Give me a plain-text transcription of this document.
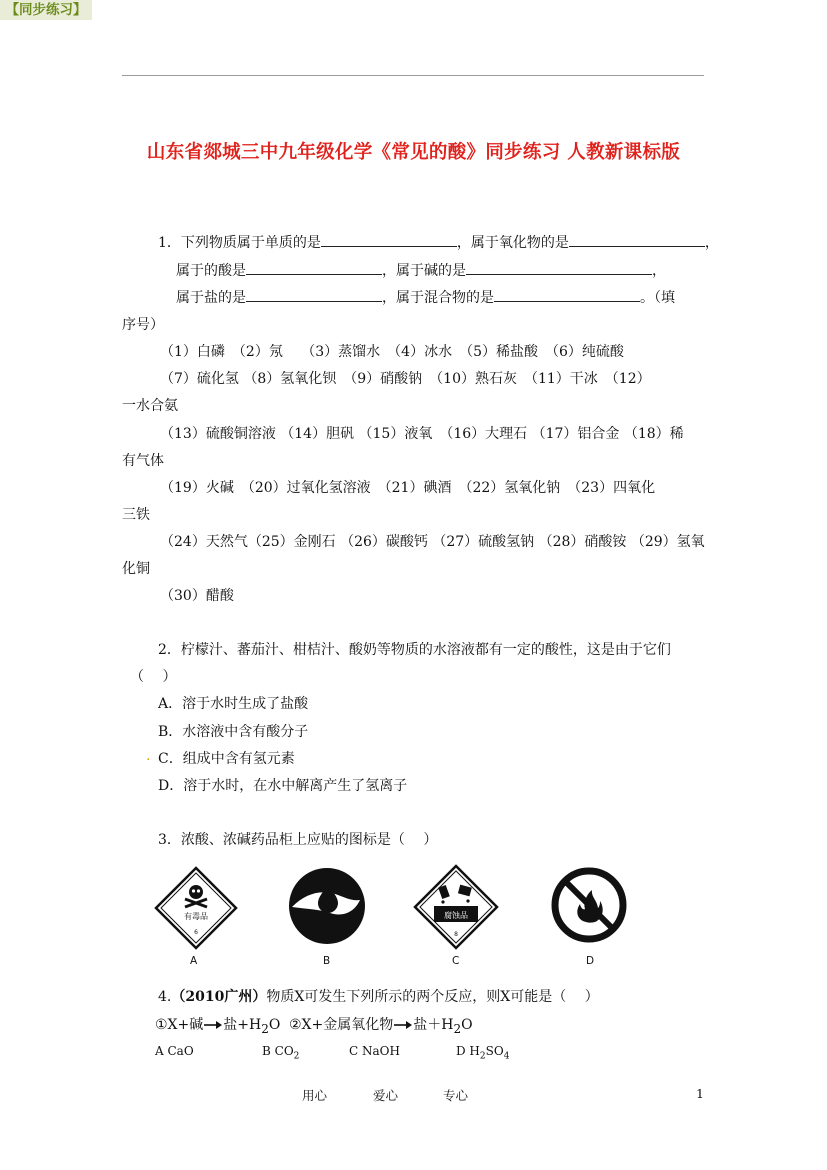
山东省郯城三中九年级化学《常见的酸》同步练习 人教新课标版
【同步练习】
1．下列物质属于单质的是	，属于氧化物的是	，
属于的酸是	，属于碱的是	，
属于盐的是	，属于混合物的是	。（填
序号）
（1）白磷　（2）氖　 （3）蒸馏水　（4）冰水　（5）稀盐酸　（6）纯硫酸
（7）硫化氢 （8）氢氧化钡　（9）硝酸钠　（10）熟石灰　（11）干冰　（12）
一水合氨
（13）硫酸铜溶液 （14）胆矾 （15）液氧　（16）大理石 （17）铝合金 （18）稀
有气体
（19）火碱　（20）过氧化氢溶液　（21）碘酒　（22）氢氧化钠　（23）四氧化
三铁
（24）天然气（25）金刚石 （26）碳酸钙 （27）硫酸氢钠 （28）硝酸铵 （29）氢氧
化铜
（30）醋酸
2．柠檬汁、蕃茄汁、柑桔汁、酸奶等物质的水溶液都有一定的酸性，这是由于它们
（　 ）
A．溶于水时生成了盐酸
B．水溶液中含有酸分子
. C．组成中含有氢元素
D．溶于水时，在水中解离产生了氢离子
3．浓酸、浓碱药品柜上应贴的图标是（　 ）
有毒品
6
A	B
腐蚀品
8
C	D
4.（2010广州）物质X可发生下列所示的两个反应，则X可能是（　 ）
①X+碱 盐$+H_2O$ ②X+金属氧化物 盐$+H_2O$
A CaO	B $CO_2$	C NaOH	D $H_2SO_4$
用心	爱心	专心	1
